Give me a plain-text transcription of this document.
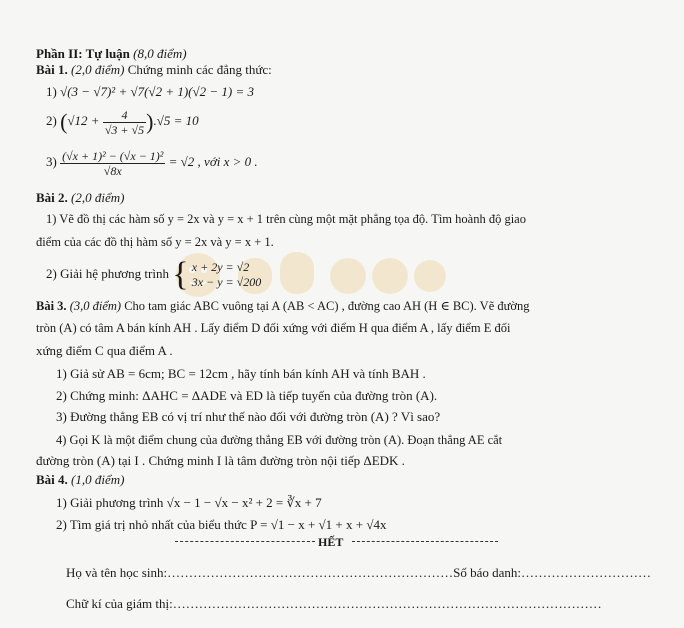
Phần II: Tự luận (8,0 điểm)
Bài 1. (2,0 điểm) Chứng minh các đẳng thức:
1) √(3 − √7)² + √7(√2 + 1)(√2 − 1) = 3
2) $(√12 + \frac{4}{√3 + √5} ).√5 = 10$
$3) \frac{\text{(√x + 1)² − (√x − 1)²}}{√8x} = √2$ , với x > 0 .
Bài 2. (2,0 điểm)
1) Vẽ đồ thị các hàm số y = 2x và y = x + 1 trên cùng một mặt phẳng tọa độ. Tìm hoành độ giao
điểm của các đồ thị hàm số y = 2x và y = x + 1.
2) Giải hệ phương trình { x + 2y = √2
3x − y = √200
Bài 3. (3,0 điểm) Cho tam giác ABC vuông tại A (AB < AC) , đường cao AH (H ∈ BC). Vẽ đường
tròn (A) có tâm A bán kính AH . Lấy điểm D đối xứng với điểm H qua điểm A , lấy điểm E đối
xứng điểm C qua điểm A .
1) Giả sử AB = 6cm; BC = 12cm , hãy tính bán kính AH và tính BAH .
2) Chứng minh: ΔAHC = ΔADE và ED là tiếp tuyến của đường tròn (A).
3) Đường thẳng EB có vị trí như thế nào đối với đường tròn (A) ? Vì sao?
4) Gọi K là một điểm chung của đường thẳng EB với đường tròn (A). Đoạn thẳng AE cắt
đường tròn (A) tại I . Chứng minh I là tâm đường tròn nội tiếp ΔEDK .
Bài 4. (1,0 điểm)
1) Giải phương trình √x − 1 − √x − x² + 2 = ∛x + 7
2) Tìm giá trị nhỏ nhất của biểu thức P = √1 − x + √1 + x + √4x
HẾT
Họ và tên học sinh:…………………………………………………………Số báo danh:…………………………
Chữ kí của giám thị:………………………………………………………………………………………
